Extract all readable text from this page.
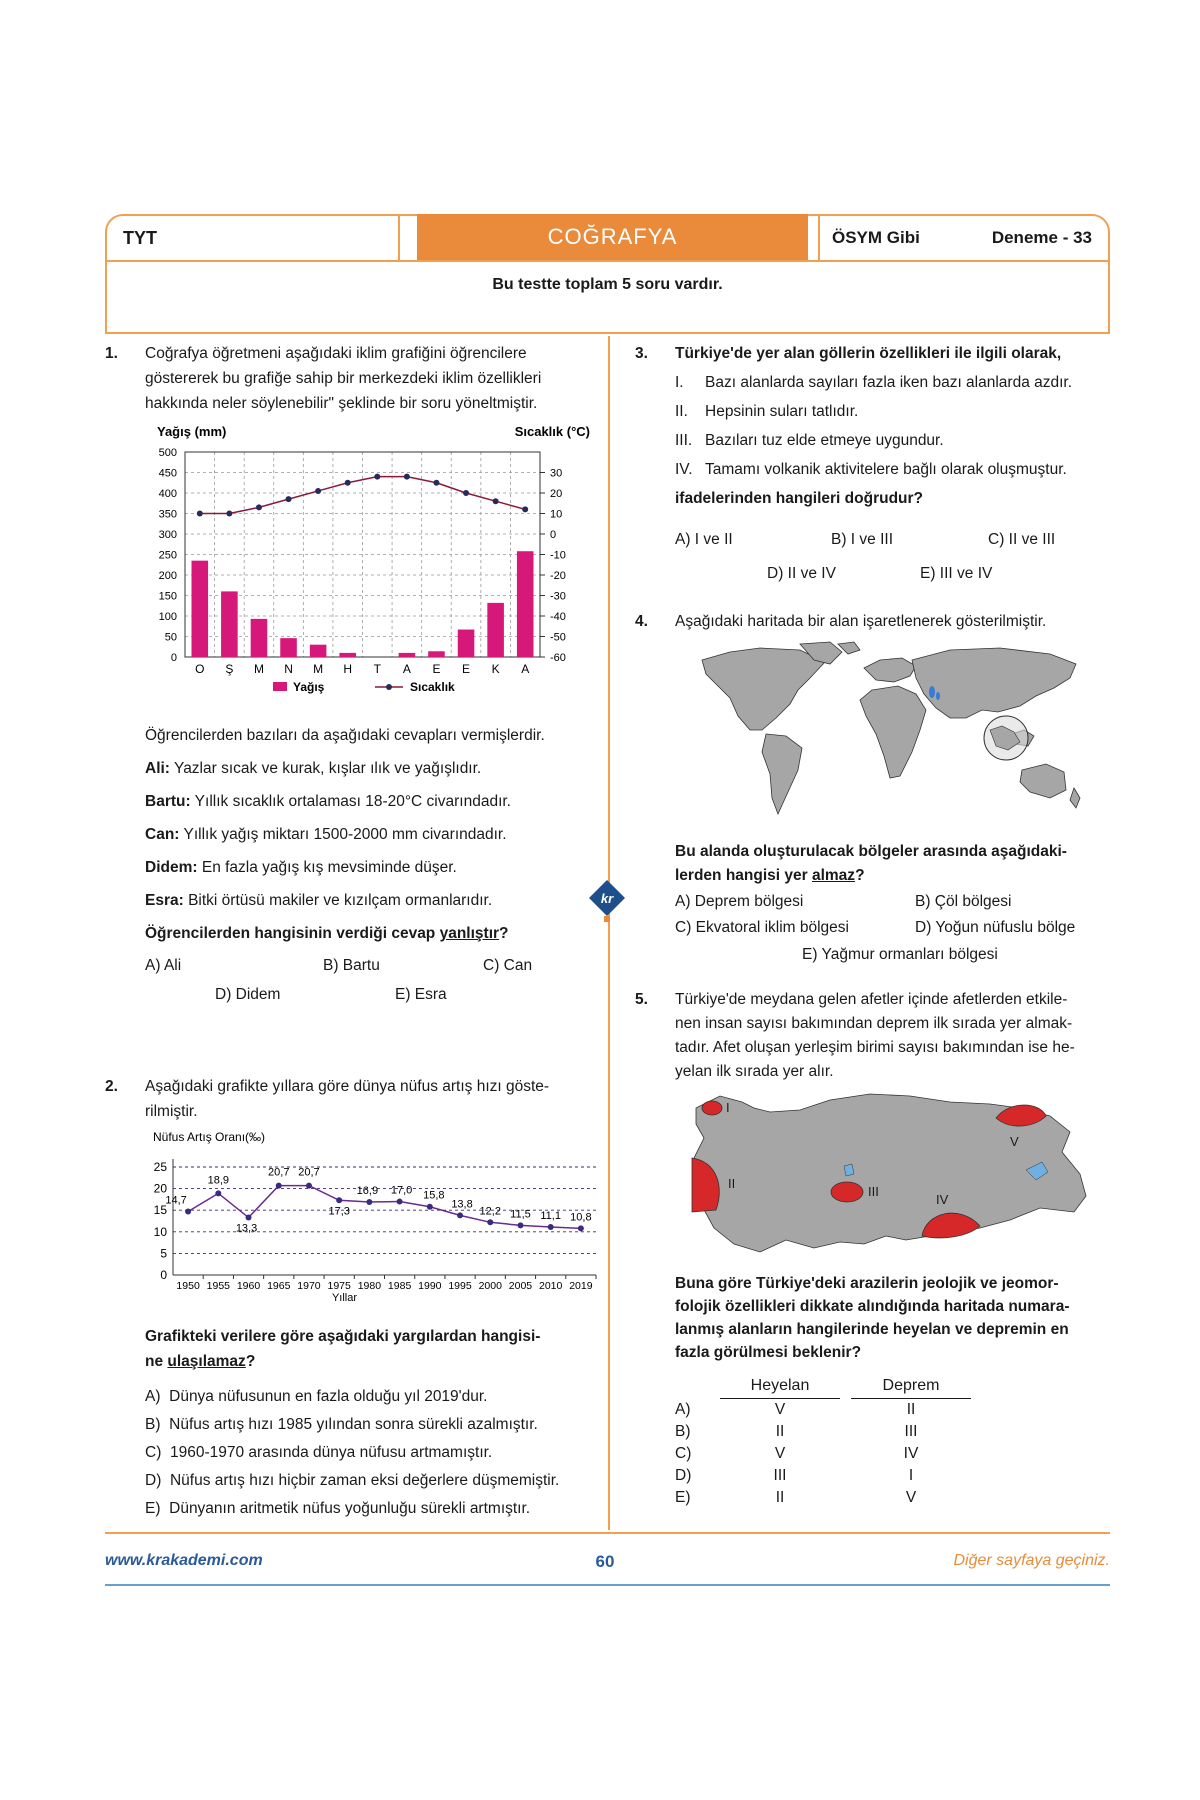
TYT	COĞRAFYA	ÖSYM Gibi	Deneme - 33
Bu testte toplam 5 soru vardır.
1. Coğrafya öğretmeni aşağıdaki iklim grafiğini öğrencilere
göstererek bu grafiğe sahip bir merkezdeki iklim özellikleri
hakkında neler söylenebilir" şeklinde bir soru yöneltmiştir.
Yağış (mm)	Sıcaklık (°C)
500
450
400
350
300
250
200
150
100
50
0
30
20
10
0
-10
-20
-30
-40
-50
-60
O Ş M N M H T A E E K A
Yağış	Sıcaklık
Öğrencilerden bazıları da aşağıdaki cevapları vermişlerdir.
Ali: Yazlar sıcak ve kurak, kışlar ılık ve yağışlıdır.
Bartu: Yıllık sıcaklık ortalaması 18-20°C civarındadır.
Can: Yıllık yağış miktarı 1500-2000 mm civarındadır.
Didem: En fazla yağış kış mevsiminde düşer.
Esra: Bitki örtüsü makiler ve kızılçam ormanlarıdır.
Öğrencilerden hangisinin verdiği cevap yanlıştır?
A) Ali	B) Bartu	C) Can
D) Didem	E) Esra
2. Aşağıdaki grafikte yıllara göre dünya nüfus artış hızı göste-
rilmiştir.
Nüfus Artış Oranı(‰)
25
20
15
10
5
0
14,7
18,9
13,3
20,7 20,7
17,3
16,9 17,0 15,8
13,8
12,2 11,5 11,1 10,8
1950 1955 1960 1965 1970 1975 1980 1985 1990 1995 2000 2005 2010 2019
Yıllar
Grafikteki verilere göre aşağıdaki yargılardan hangisi-
ne ulaşılamaz?
A) Dünya nüfusunun en fazla olduğu yıl 2019'dur.
B) Nüfus artış hızı 1985 yılından sonra sürekli azalmıştır.
C) 1960-1970 arasında dünya nüfusu artmamıştır.
D) Nüfus artış hızı hiçbir zaman eksi değerlere düşmemiştir.
E) Dünyanın aritmetik nüfus yoğunluğu sürekli artmıştır.
kr
3. Türkiye'de yer alan göllerin özellikleri ile ilgili olarak,
I. Bazı alanlarda sayıları fazla iken bazı alanlarda azdır.
II. Hepsinin suları tatlıdır.
III. Bazıları tuz elde etmeye uygundur.
IV. Tamamı volkanik aktivitelere bağlı olarak oluşmuştur.
ifadelerinden hangileri doğrudur?
A) I ve II	B) I ve III	C) II ve III
D) II ve IV	E) III ve IV
4. Aşağıdaki haritada bir alan işaretlenerek gösterilmiştir.
Bu alanda oluşturulacak bölgeler arasında aşağıdaki-
lerden hangisi yer almaz?
A) Deprem bölgesi	B) Çöl bölgesi
C) Ekvatoral iklim bölgesi	D) Yoğun nüfuslu bölge
E) Yağmur ormanları bölgesi
5. Türkiye'de meydana gelen afetler içinde afetlerden etkile-
nen insan sayısı bakımından deprem ilk sırada yer almak-
tadır. Afet oluşan yerleşim birimi sayısı bakımından ise he-
yelan ilk sırada yer alır.
I
II
III
IV
V
Buna göre Türkiye'deki arazilerin jeolojik ve jeomor-
folojik özellikleri dikkate alındığında haritada numara-
lanmış alanların hangilerinde heyelan ve depremin en
fazla görülmesi beklenir?
Heyelan	Deprem
A)	V	II
B)	II	III
C)	V	IV
D)	III	I
E)	II	V
www.krakademi.com	60	Diğer sayfaya geçiniz.
